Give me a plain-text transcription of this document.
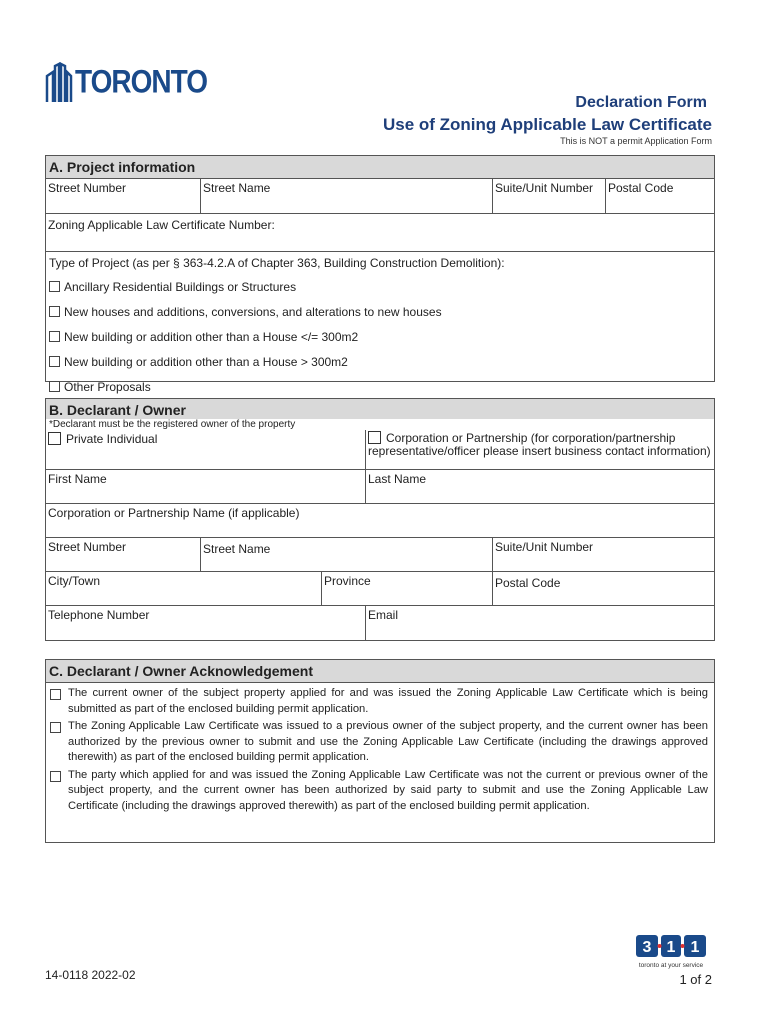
TORONTO
Declaration Form
Use of Zoning Applicable Law Certificate
This is NOT a permit Application Form
A. Project information
Street Number	Street Name	Suite/Unit Number	Postal Code
Zoning Applicable Law Certificate Number:
Type of Project (as per § 363-4.2.A of Chapter 363, Building Construction Demolition):
Ancillary Residential Buildings or Structures
New houses and additions, conversions, and alterations to new houses
New building or addition other than a House </= 300m2
New building or addition other than a House > 300m2
Other Proposals
B. Declarant / Owner
*Declarant must be the registered owner of the property
Private Individual	Corporation or Partnership (for corporation/partnership representative/officer please insert business contact information)
First Name	Last Name
Corporation or Partnership Name (if applicable)
Street Number	Street Name	Suite/Unit Number
City/Town	Province	Postal Code
Telephone Number	Email
C. Declarant / Owner Acknowledgement
The current owner of the subject property applied for and was issued the Zoning Applicable Law Certificate which is being submitted as part of the enclosed building permit application.
The Zoning Applicable Law Certificate was issued to a previous owner of the subject property, and the current owner has been authorized by the previous owner to submit and use the Zoning Applicable Law Certificate (including the drawings approved therewith) as part of the enclosed building permit application.
The party which applied for and was issued the Zoning Applicable Law Certificate was not the current or previous owner of the subject property, and the current owner has been authorized by said party to submit and use the Zoning Applicable Law Certificate (including the drawings approved therewith) as part of the enclosed building permit application.
14-0118 2022-02
3 1 1
toronto at your service
1 of 2
